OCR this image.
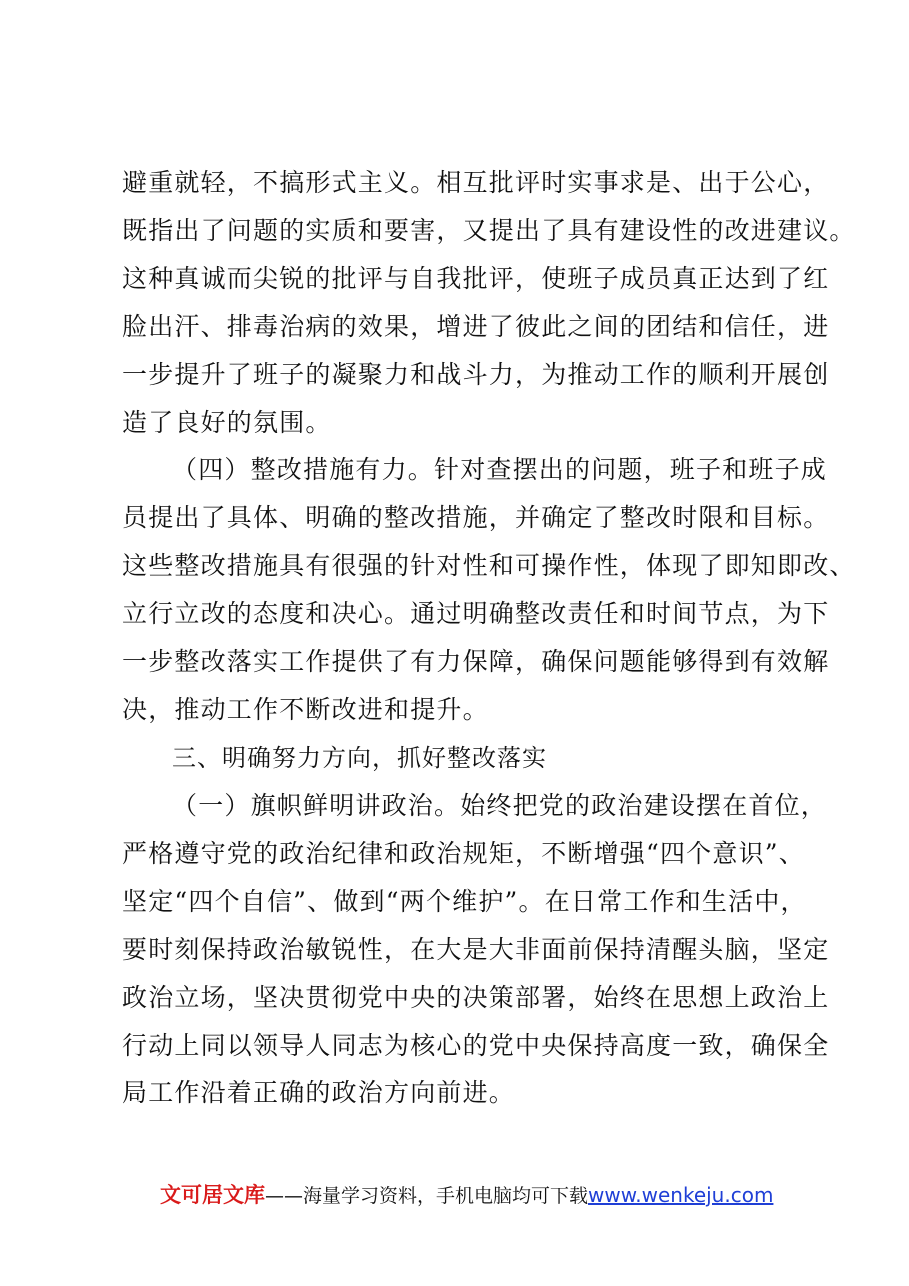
避重就轻，不搞形式主义。相互批评时实事求是、出于公心，
既指出了问题的实质和要害，又提出了具有建设性的改进建议。
这种真诚而尖锐的批评与自我批评，使班子成员真正达到了红
脸出汗、排毒治病的效果，增进了彼此之间的团结和信任，进
一步提升了班子的凝聚力和战斗力，为推动工作的顺利开展创
造了良好的氛围。
（四）整改措施有力。针对查摆出的问题，班子和班子成
员提出了具体、明确的整改措施，并确定了整改时限和目标。
这些整改措施具有很强的针对性和可操作性，体现了即知即改、
立行立改的态度和决心。通过明确整改责任和时间节点，为下
一步整改落实工作提供了有力保障，确保问题能够得到有效解
决，推动工作不断改进和提升。
三、明确努力方向，抓好整改落实
（一）旗帜鲜明讲政治。始终把党的政治建设摆在首位，
严格遵守党的政治纪律和政治规矩，不断增强“四个意识”、
坚定“四个自信”、做到“两个维护”。在日常工作和生活中，
要时刻保持政治敏锐性，在大是大非面前保持清醒头脑，坚定
政治立场，坚决贯彻党中央的决策部署，始终在思想上政治上
行动上同以领导人同志为核心的党中央保持高度一致，确保全
局工作沿着正确的政治方向前进。
文可居文库——海量学习资料，手机电脑均可下载www.wenkeju.com
